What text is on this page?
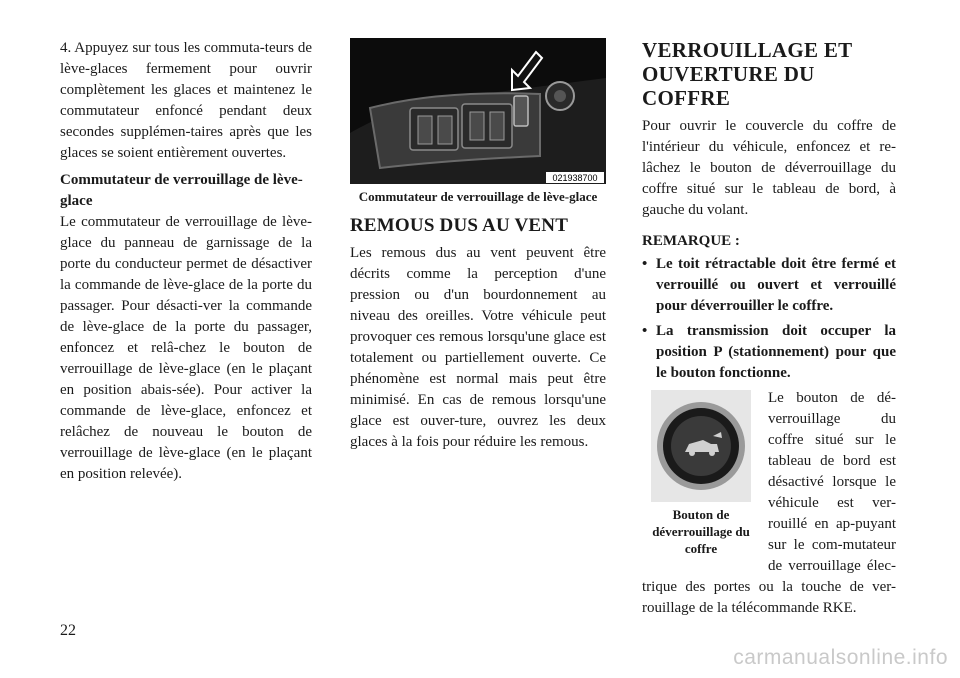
4. Appuyez sur tous les commuta-teurs de lève-glaces fermement pour ouvrir complètement les glaces et maintenez le commutateur enfoncé pendant deux secondes supplémen-taires après que les glaces se soient entièrement ouvertes.

Commutateur de verrouillage de lève-glace

Le commutateur de verrouillage de lève-glace du panneau de garnissage de la porte du conducteur permet de désactiver la commande de lève-glace de la porte du passager. Pour désacti-ver la commande de lève-glace de la porte du passager, enfoncez et relâ-chez le bouton de verrouillage de lève-glace (en le plaçant en position abais-sée). Pour activer la commande de lève-glace, enfoncez et relâchez de nouveau le bouton de verrouillage de lève-glace (en le plaçant en position relevée).

021938700

Commutateur de verrouillage de lève-glace

REMOUS DUS AU VENT

Les remous dus au vent peuvent être décrits comme la perception d'une pression ou d'un bourdonnement au niveau des oreilles. Votre véhicule peut provoquer ces remous lorsqu'une glace est totalement ou partiellement ouverte. Ce phénomène est normal mais peut être minimisé. En cas de remous lorsqu'une glace est ouver-ture, ouvrez les deux glaces à la fois pour réduire les remous.

VERROUILLAGE ET OUVERTURE DU COFFRE

Pour ouvrir le couvercle du coffre de l'intérieur du véhicule, enfoncez et re-lâchez le bouton de déverrouillage du coffre situé sur le tableau de bord, à gauche du volant.

REMARQUE :

• Le toit rétractable doit être fermé et verrouillé ou ouvert et verrouillé pour déverrouiller le coffre.
• La transmission doit occuper la position P (stationnement) pour que le bouton fonctionne.

Bouton de déverrouillage du coffre

Le bouton de dé-verrouillage du coffre situé sur le tableau de bord est désactivé lorsque le véhicule est ver-rouillé en ap-puyant sur le com-mutateur de verrouillage élec-trique des portes ou la touche de ver-rouillage de la télécommande RKE.

22
carmanualsonline.info
